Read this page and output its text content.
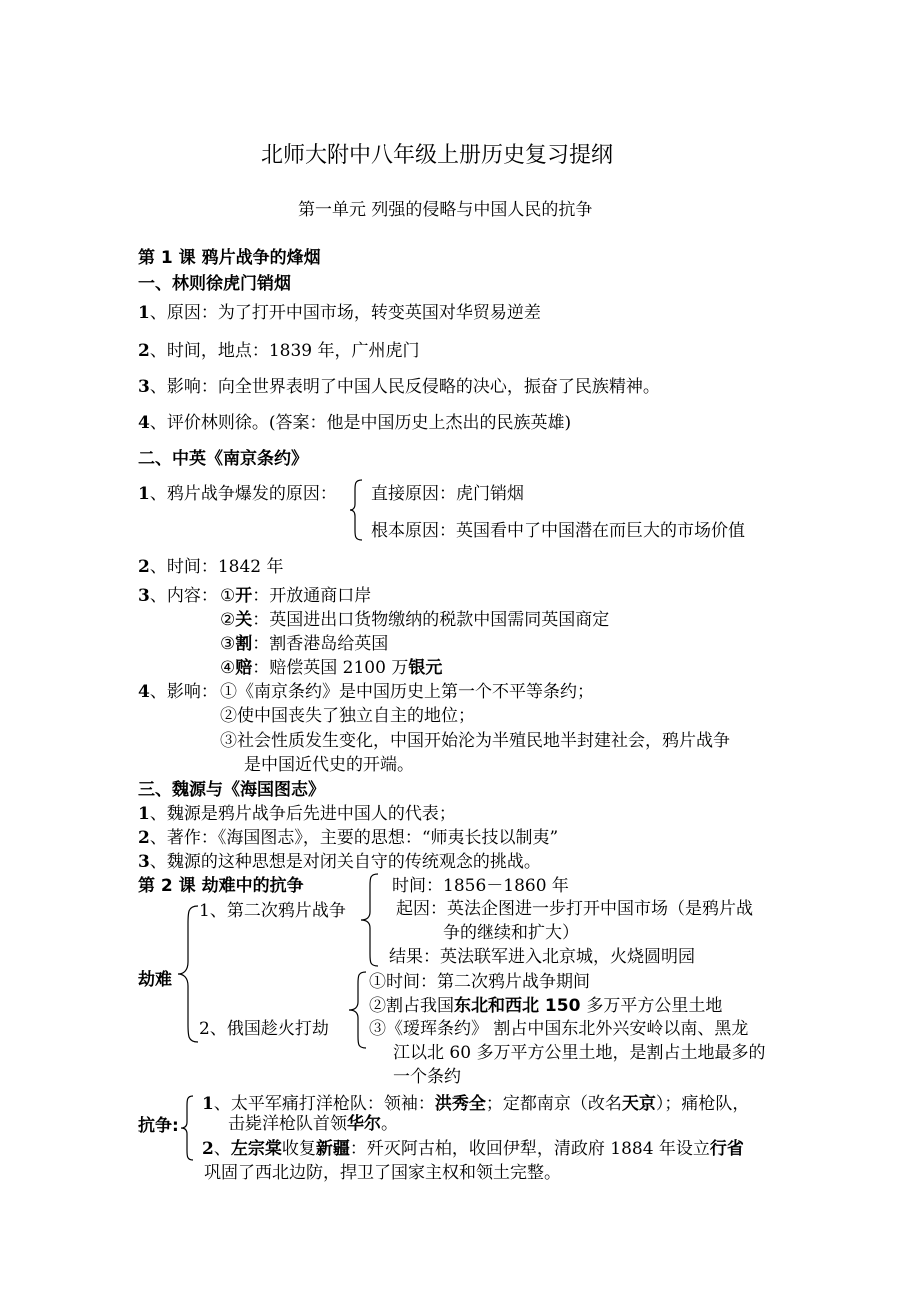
北师大附中八年级上册历史复习提纲
第一单元 列强的侵略与中国人民的抗争
第 1 课 鸦片战争的烽烟
一、林则徐虎门销烟
1、原因：为了打开中国市场，转变英国对华贸易逆差
2、时间，地点：1839 年，广州虎门
3、影响：向全世界表明了中国人民反侵略的决心，振奋了民族精神。
4、评价林则徐。(答案：他是中国历史上杰出的民族英雄)
二、中英《南京条约》
1、鸦片战争爆发的原因： 直接原因：虎门销烟
根本原因：英国看中了中国潜在而巨大的市场价值
2、时间：1842 年
3、内容： ①开：开放通商口岸
②关：英国进出口货物缴纳的税款中国需同英国商定
③割：割香港岛给英国
④赔：赔偿英国 2100 万银元
4、影响： ①《南京条约》是中国历史上第一个不平等条约；
②使中国丧失了独立自主的地位；
③社会性质发生变化，中国开始沦为半殖民地半封建社会，鸦片战争
是中国近代史的开端。
三、魏源与《海国图志》
1、魏源是鸦片战争后先进中国人的代表；
2、著作：《海国图志》，主要的思想：“师夷长技以制夷”
3、魏源的这种思想是对闭关自守的传统观念的挑战。
第 2 课 劫难中的抗争
劫难
1、第二次鸦片战争
时间：1856－1860 年
起因：英法企图进一步打开中国市场（是鸦片战
争的继续和扩大）
结果：英法联军进入北京城，火烧圆明园
2、俄国趁火打劫
①时间：第二次鸦片战争期间
②割占我国东北和西北 150 多万平方公里土地
③《瑷珲条约》 割占中国东北外兴安岭以南、黑龙
江以北 60 多万平方公里土地，是割占土地最多的
一个条约
抗争:
1、太平军痛打洋枪队：领袖：洪秀全；定都南京（改名天京）；痛枪队，
击毙洋枪队首领华尔。
2、左宗棠收复新疆：歼灭阿古柏，收回伊犁，清政府 1884 年设立行省
巩固了西北边防，捍卫了国家主权和领土完整。
